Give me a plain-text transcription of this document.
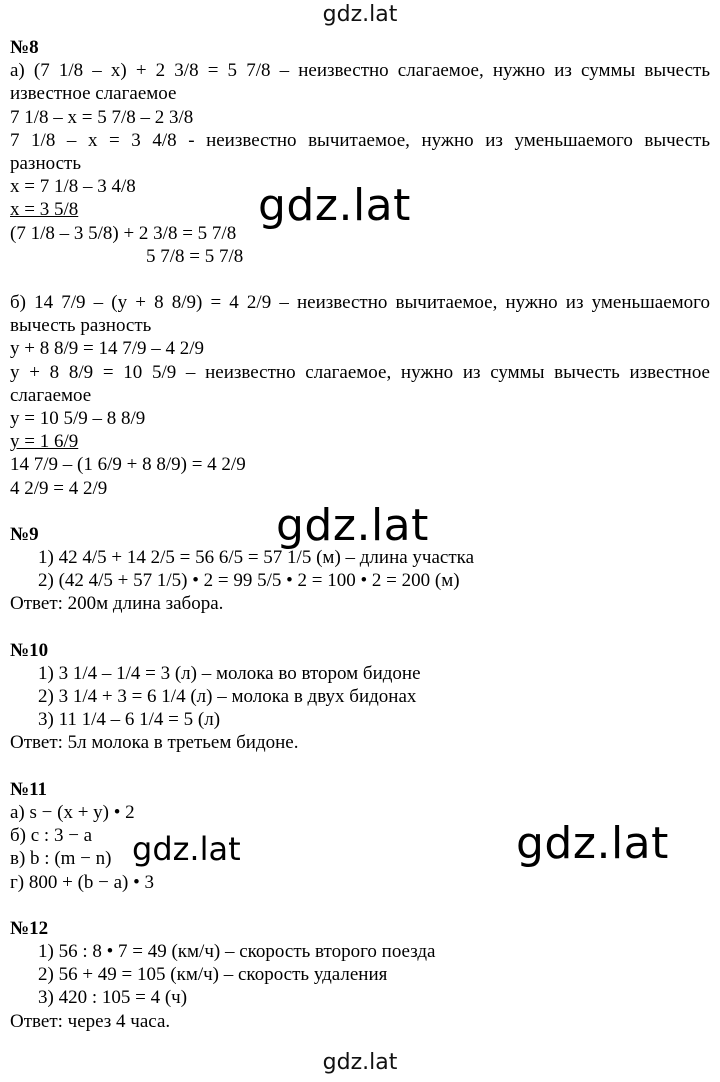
gdz.lat
№8
а) (7 1/8 – x) + 2 3/8 = 5 7/8 – неизвестно слагаемое, нужно из суммы вычесть
известное слагаемое
7 1/8 – x = 5 7/8 – 2 3/8
7 1/8 – x = 3 4/8 - неизвестно вычитаемое, нужно из уменьшаемого вычесть
разность
x = 7 1/8 – 3 4/8
x = 3 5/8
(7 1/8 – 3 5/8) + 2 3/8 = 5 7/8
5 7/8 = 5 7/8
б) 14 7/9 – (y + 8 8/9) = 4 2/9 – неизвестно вычитаемое, нужно из уменьшаемого
вычесть разность
y + 8 8/9 = 14 7/9 – 4 2/9
y + 8 8/9 = 10 5/9 – неизвестно слагаемое, нужно из суммы вычесть известное
слагаемое
y = 10 5/9 – 8 8/9
y = 1 6/9
14 7/9 – (1 6/9 + 8 8/9) = 4 2/9
4 2/9 = 4 2/9
№9
1) 42 4/5 + 14 2/5 = 56 6/5 = 57 1/5 (м) – длина участка
2) (42 4/5 + 57 1/5) • 2 = 99 5/5 • 2 = 100 • 2 = 200 (м)
Ответ: 200м длина забора.
№10
1) 3 1/4 – 1/4 = 3 (л) – молока во втором бидоне
2) 3 1/4 + 3 = 6 1/4 (л) – молока в двух бидонах
3) 11 1/4 – 6 1/4 = 5 (л)
Ответ: 5л молока в третьем бидоне.
№11
а) s − (x + y) • 2
б) c : 3 − a
в) b : (m − n)
г) 800 + (b − a) • 3
№12
1) 56 : 8 • 7 = 49 (км/ч) – скорость второго поезда
2) 56 + 49 = 105 (км/ч) – скорость удаления
3) 420 : 105 = 4 (ч)
Ответ: через 4 часа.
gdz.lat
gdz.lat
gdz.lat	gdz.lat
gdz.lat
